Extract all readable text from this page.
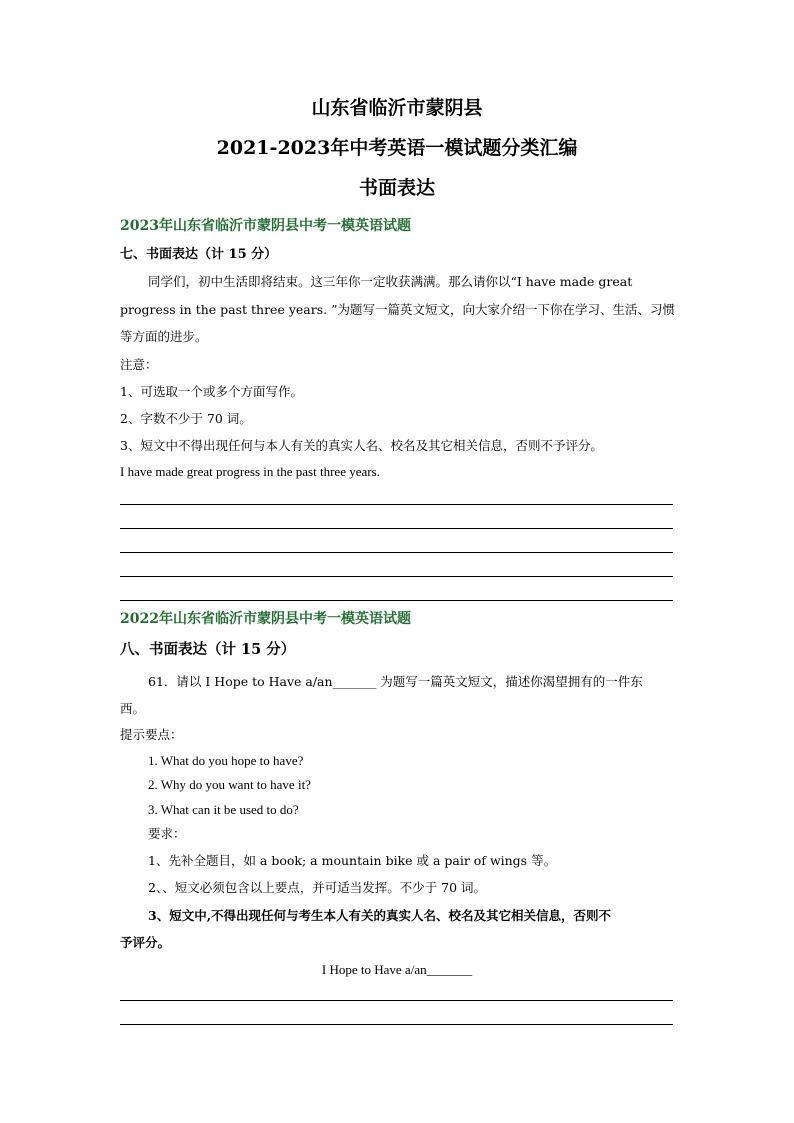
山东省临沂市蒙阴县
2021-2023年中考英语一模试题分类汇编
书面表达
2023年山东省临沂市蒙阴县中考一模英语试题
七、书面表达（计 15 分）
同学们，初中生活即将结束。这三年你一定收获满满。那么请你以“I have made great
progress in the past three years. ”为题写一篇英文短文，向大家介绍一下你在学习、生活、习惯
等方面的进步。
注意：
1、可选取一个或多个方面写作。
2、字数不少于 70 词。
3、短文中不得出现任何与本人有关的真实人名、校名及其它相关信息，否则不予评分。
I have made great progress in the past three years.
2022年山东省临沂市蒙阴县中考一模英语试题
八、书面表达（计 15 分）
61．请以 I Hope to Have a/an_______ 为题写一篇英文短文，描述你渴望拥有的一件东
西。
提示要点：
1. What do you hope to have?
2. Why do you want to have it?
3. What can it be used to do?
要求：
1、先补全题目，如 a book; a mountain bike 或 a pair of wings 等。
2、、短文必须包含以上要点，并可适当发挥。不少于 70 词。
3、短文中,不得出现任何与考生本人有关的真实人名、校名及其它相关信息，否则不
予评分。
I Hope to Have a/an_______
